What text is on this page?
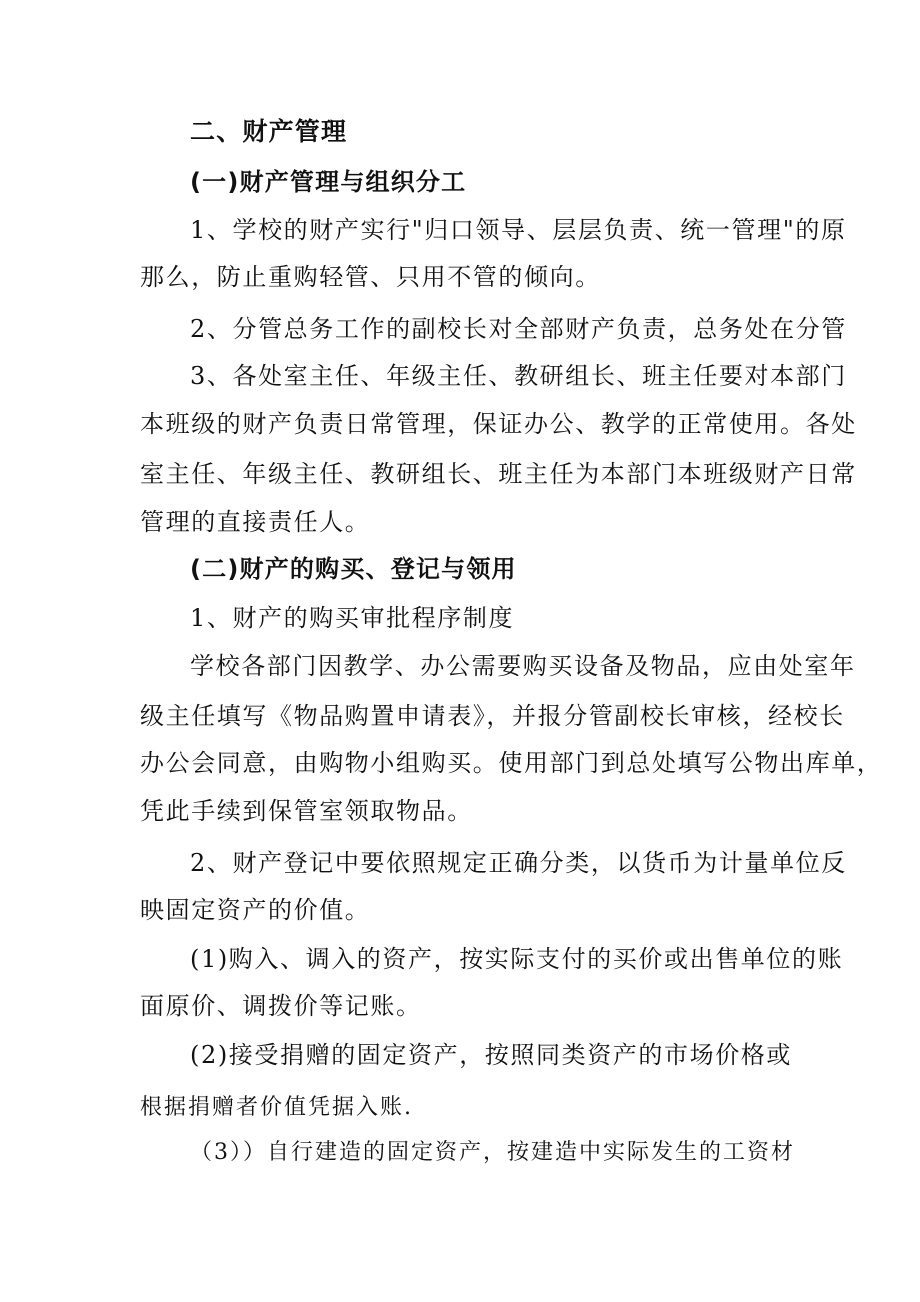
二、财产管理
(一)财产管理与组织分工
1、学校的财产实行"归口领导、层层负责、统一管理"的原
那么，防止重购轻管、只用不管的倾向。
2、分管总务工作的副校长对全部财产负责，总务处在分管
3、各处室主任、年级主任、教研组长、班主任要对本部门
本班级的财产负责日常管理，保证办公、教学的正常使用。各处
室主任、年级主任、教研组长、班主任为本部门本班级财产日常
管理的直接责任人。
(二)财产的购买、登记与领用
1、财产的购买审批程序制度
学校各部门因教学、办公需要购买设备及物品，应由处室年
级主任填写《物品购置申请表》，并报分管副校长审核，经校长
办公会同意，由购物小组购买。使用部门到总处填写公物出库单，
凭此手续到保管室领取物品。
2、财产登记中要依照规定正确分类，以货币为计量单位反
映固定资产的价值。
(1)购入、调入的资产，按实际支付的买价或出售单位的账
面原价、调拨价等记账。
(2)接受捐赠的固定资产，按照同类资产的市场价格或
根据捐赠者价值凭据入账.
（3））自行建造的固定资产，按建造中实际发生的工资材
